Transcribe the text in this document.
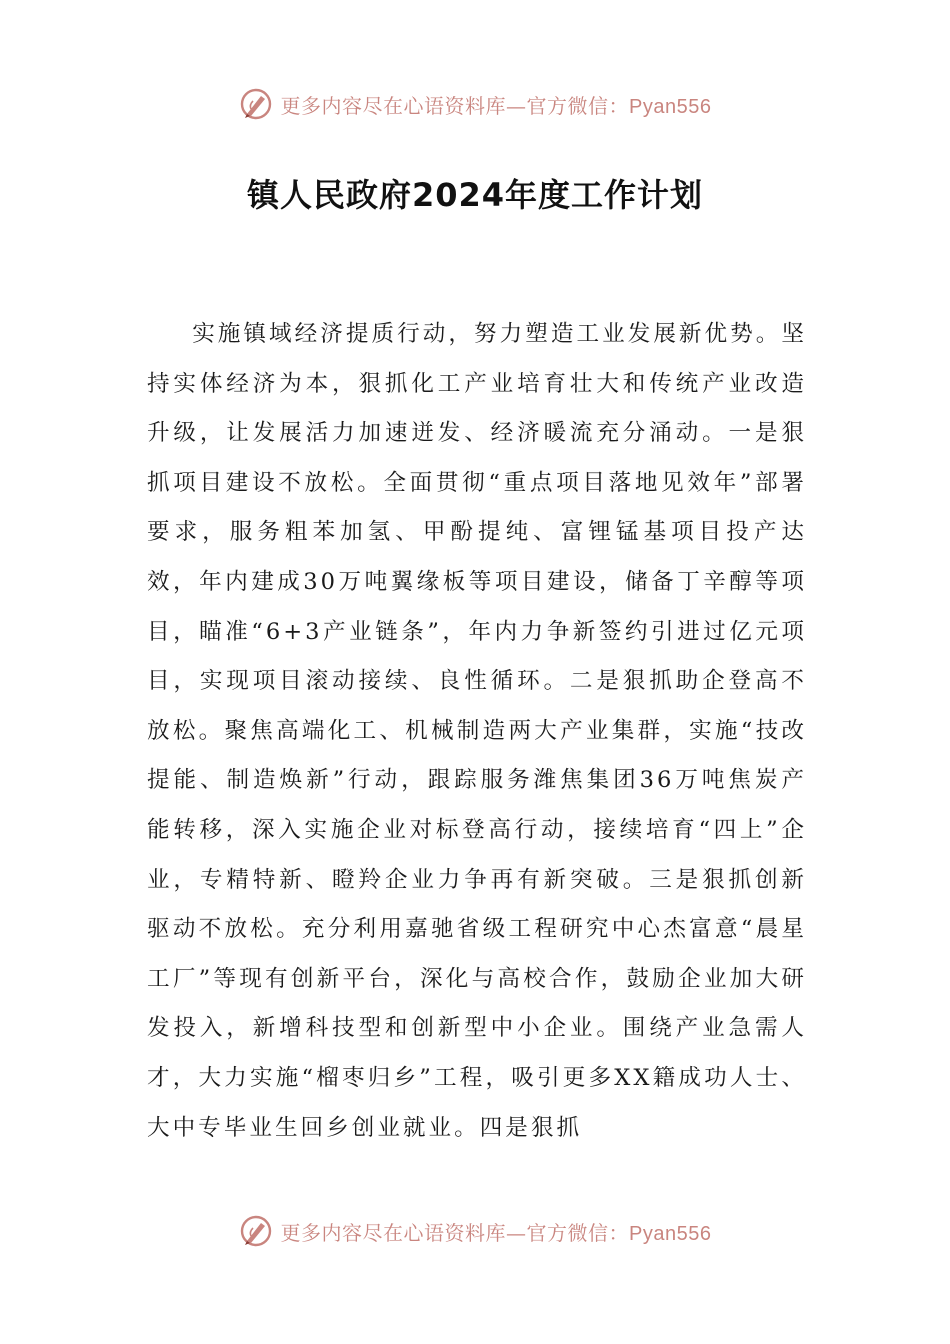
更多内容尽在心语资料库—官方微信：Pyan556
镇人民政府2024年度工作计划

实施镇域经济提质行动，努力塑造工业发展新优势。坚持实体经济为本，狠抓化工产业培育壮大和传统产业改造升级，让发展活力加速迸发、经济暖流充分涌动。一是狠抓项目建设不放松。全面贯彻“重点项目落地见效年”部署要求，服务粗苯加氢、甲酚提纯、富锂锰基项目投产达效，年内建成30万吨翼缘板等项目建设，储备丁辛醇等项目，瞄准“6+3产业链条”，年内力争新签约引进过亿元项目，实现项目滚动接续、良性循环。二是狠抓助企登高不放松。聚焦高端化工、机械制造两大产业集群，实施“技改提能、制造焕新”行动，跟踪服务潍焦集团36万吨焦炭产能转移，深入实施企业对标登高行动，接续培育“四上”企业，专精特新、瞪羚企业力争再有新突破。三是狠抓创新驱动不放松。充分利用嘉驰省级工程研究中心杰富意“晨星工厂”等现有创新平台，深化与高校合作，鼓励企业加大研发投入，新增科技型和创新型中小企业。围绕产业急需人才，大力实施“榴枣归乡”工程，吸引更多XX籍成功人士、大中专毕业生回乡创业就业。四是狠抓

更多内容尽在心语资料库—官方微信：Pyan556
